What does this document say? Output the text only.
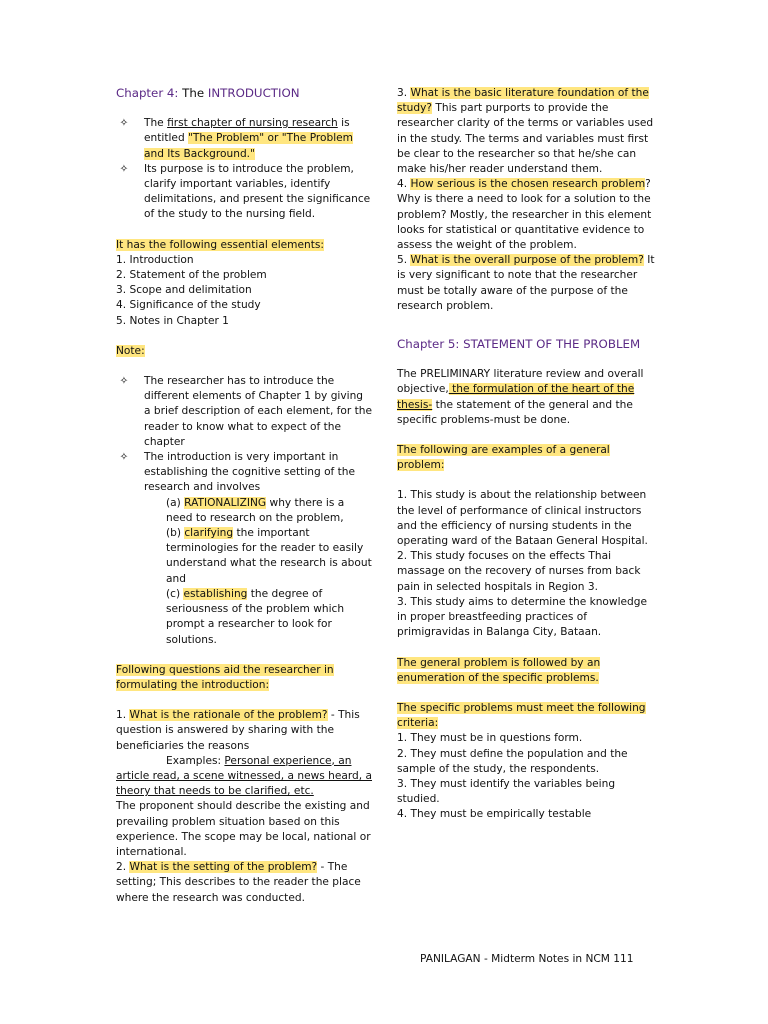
Chapter 4: The INTRODUCTION

✧	The first chapter of nursing research is entitled "The Problem" or "The Problem and Its Background."
✧	Its purpose is to introduce the problem, clarify important variables, identify delimitations, and present the significance of the study to the nursing field.

It has the following essential elements:

1. Introduction
2. Statement of the problem
3. Scope and delimitation
4. Significance of the study
5. Notes in Chapter 1

Note:

✧	The researcher has to introduce the different elements of Chapter 1 by giving a brief description of each element, for the reader to know what to expect of the chapter
✧	The introduction is very important in establishing the cognitive setting of the research and involves
(a) RATIONALIZING why there is a need to research on the problem,
(b) clarifying the important terminologies for the reader to easily understand what the research is about and
(c) establishing the degree of seriousness of the problem which prompt a researcher to look for solutions.

Following questions aid the researcher in formulating the introduction:

1. What is the rationale of the problem? - This question is answered by sharing with the beneficiaries the reasons

Examples: Personal experience, an article read, a scene witnessed, a news heard, a theory that needs to be clarified, etc.

The proponent should describe the existing and prevailing problem situation based on this experience. The scope may be local, national or international.

2. What is the setting of the problem? - The setting; This describes to the reader the place where the research was conducted.

3. What is the basic literature foundation of the study? This part purports to provide the researcher clarity of the terms or variables used in the study. The terms and variables must first be clear to the researcher so that he/she can make his/her reader understand them.

4. How serious is the chosen research problem? Why is there a need to look for a solution to the problem? Mostly, the researcher in this element looks for statistical or quantitative evidence to assess the weight of the problem.

5. What is the overall purpose of the problem? It is very significant to note that the researcher must be totally aware of the purpose of the research problem.

Chapter 5: STATEMENT OF THE PROBLEM

The PRELIMINARY literature review and overall objective, the formulation of the heart of the thesis- the statement of the general and the specific problems-must be done.

The following are examples of a general problem:

1. This study is about the relationship between the level of performance of clinical instructors and the efficiency of nursing students in the operating ward of the Bataan General Hospital.

2. This study focuses on the effects Thai massage on the recovery of nurses from back pain in selected hospitals in Region 3.

3. This study aims to determine the knowledge in proper breastfeeding practices of primigravidas in Balanga City, Bataan.

The general problem is followed by an enumeration of the specific problems.

The specific problems must meet the following criteria:

1. They must be in questions form.

2. They must define the population and the sample of the study, the respondents.

3. They must identify the variables being studied.

4. They must be empirically testable

PANILAGAN - Midterm Notes in NCM 111
